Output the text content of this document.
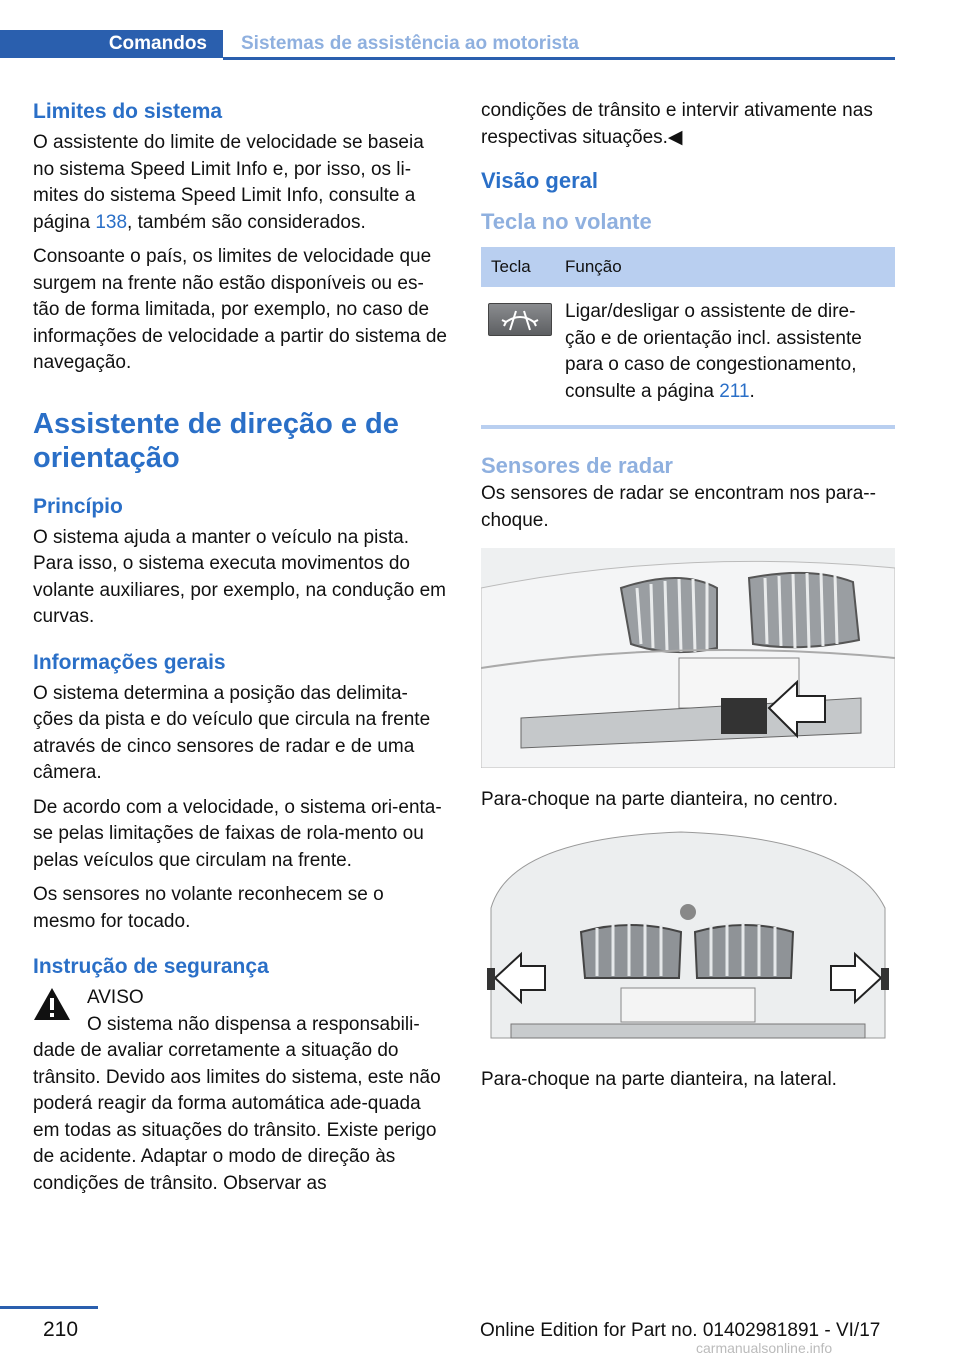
Comandos	Sistemas de assistência ao motorista
Limites do sistema

O assistente do limite de velocidade se baseia no sistema Speed Limit Info e, por isso, os li‐mites do sistema Speed Limit Info, consulte a página 138, também são considerados.

Consoante o país, os limites de velocidade que surgem na frente não estão disponíveis ou es‐tão de forma limitada, por exemplo, no caso de informações de velocidade a partir do sistema de navegação.

Assistente de direção e de orientação
Princípio

O sistema ajuda a manter o veículo na pista. Para isso, o sistema executa movimentos do volante auxiliares, por exemplo, na condução em curvas.

Informações gerais

O sistema determina a posição das delimita‐ções da pista e do veículo que circula na frente através de cinco sensores de radar e de uma câmera.

De acordo com a velocidade, o sistema ori‐enta-se pelas limitações de faixas de rola‐mento ou pelas veículos que circulam na frente.

Os sensores no volante reconhecem se o mesmo for tocado.

Instrução de segurança

AVISO

O sistema não dispensa a responsabili‐

dade de avaliar corretamente a situação do trânsito. Devido aos limites do sistema, este não poderá reagir da forma automática ade‐quada em todas as situações do trânsito. Existe perigo de acidente. Adaptar o modo de direção às condições de trânsito. Observar as

condições de trânsito e intervir ativamente nas respectivas situações.◀

Visão geral
Tecla no volante
Tecla	Função
Ligar/desligar o assistente de dire‐ção e de orientação incl. assistente para o caso de congestionamento, consulte a página 211.
Sensores de radar

Os sensores de radar se encontram nos para-‐choque.

Para-choque na parte dianteira, no centro.

Para-choque na parte dianteira, na lateral.

210	Online Edition for Part no. 01402981891 - VI/17
carmanualsonline.info
